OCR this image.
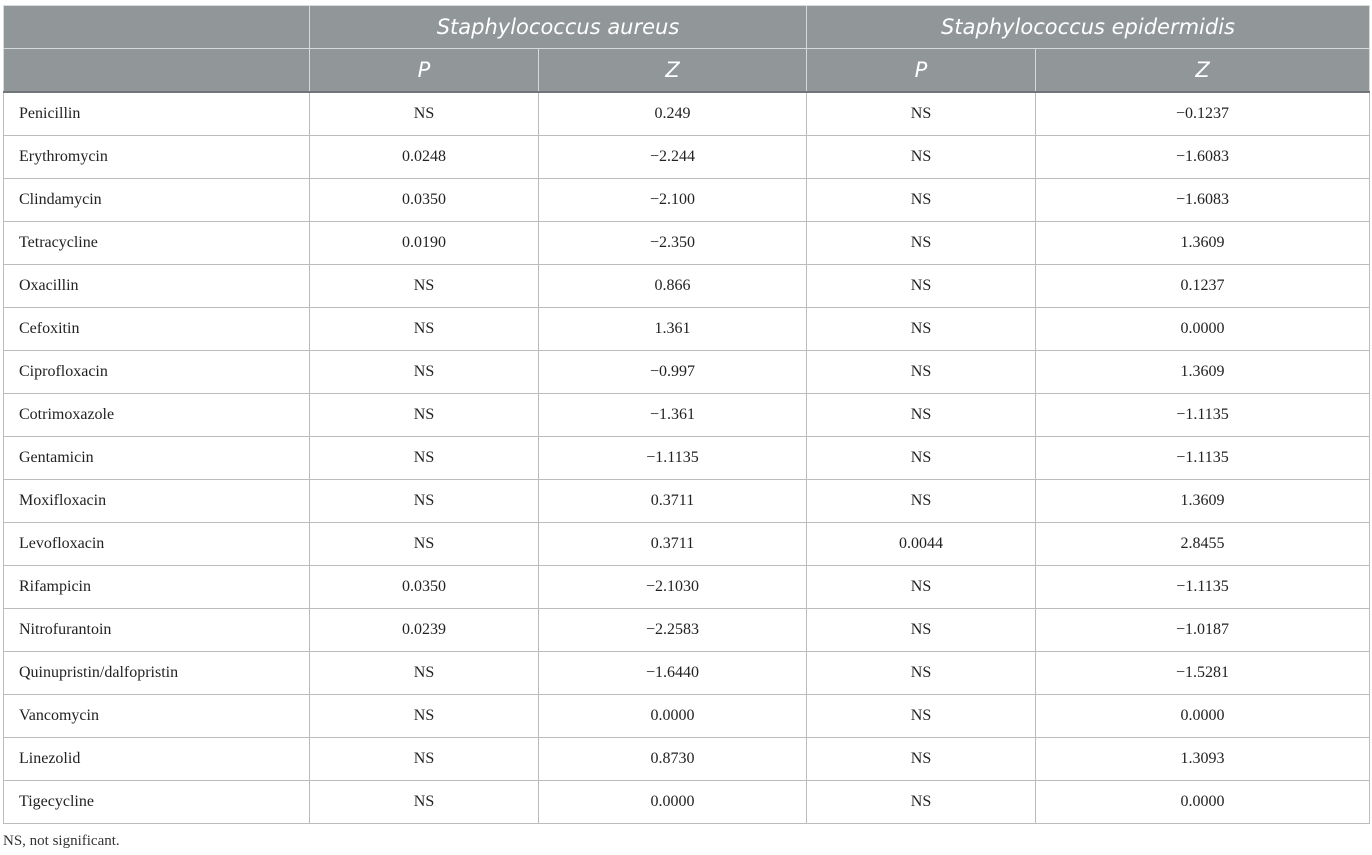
	Staphylococcus aureus		Staphylococcus epidermidis	
	P	Z	P	Z
Penicillin	NS	0.249	NS	−0.1237
Erythromycin	0.0248	−2.244	NS	−1.6083
Clindamycin	0.0350	−2.100	NS	−1.6083
Tetracycline	0.0190	−2.350	NS	1.3609
Oxacillin	NS	0.866	NS	0.1237
Cefoxitin	NS	1.361	NS	0.0000
Ciprofloxacin	NS	−0.997	NS	1.3609
Cotrimoxazole	NS	−1.361	NS	−1.1135
Gentamicin	NS	−1.1135	NS	−1.1135
Moxifloxacin	NS	0.3711	NS	1.3609
Levofloxacin	NS	0.3711	0.0044	2.8455
Rifampicin	0.0350	−2.1030	NS	−1.1135
Nitrofurantoin	0.0239	−2.2583	NS	−1.0187
Quinupristin/dalfopristin	NS	−1.6440	NS	−1.5281
Vancomycin	NS	0.0000	NS	0.0000
Linezolid	NS	0.8730	NS	1.3093
Tigecycline	NS	0.0000	NS	0.0000
NS, not significant.
